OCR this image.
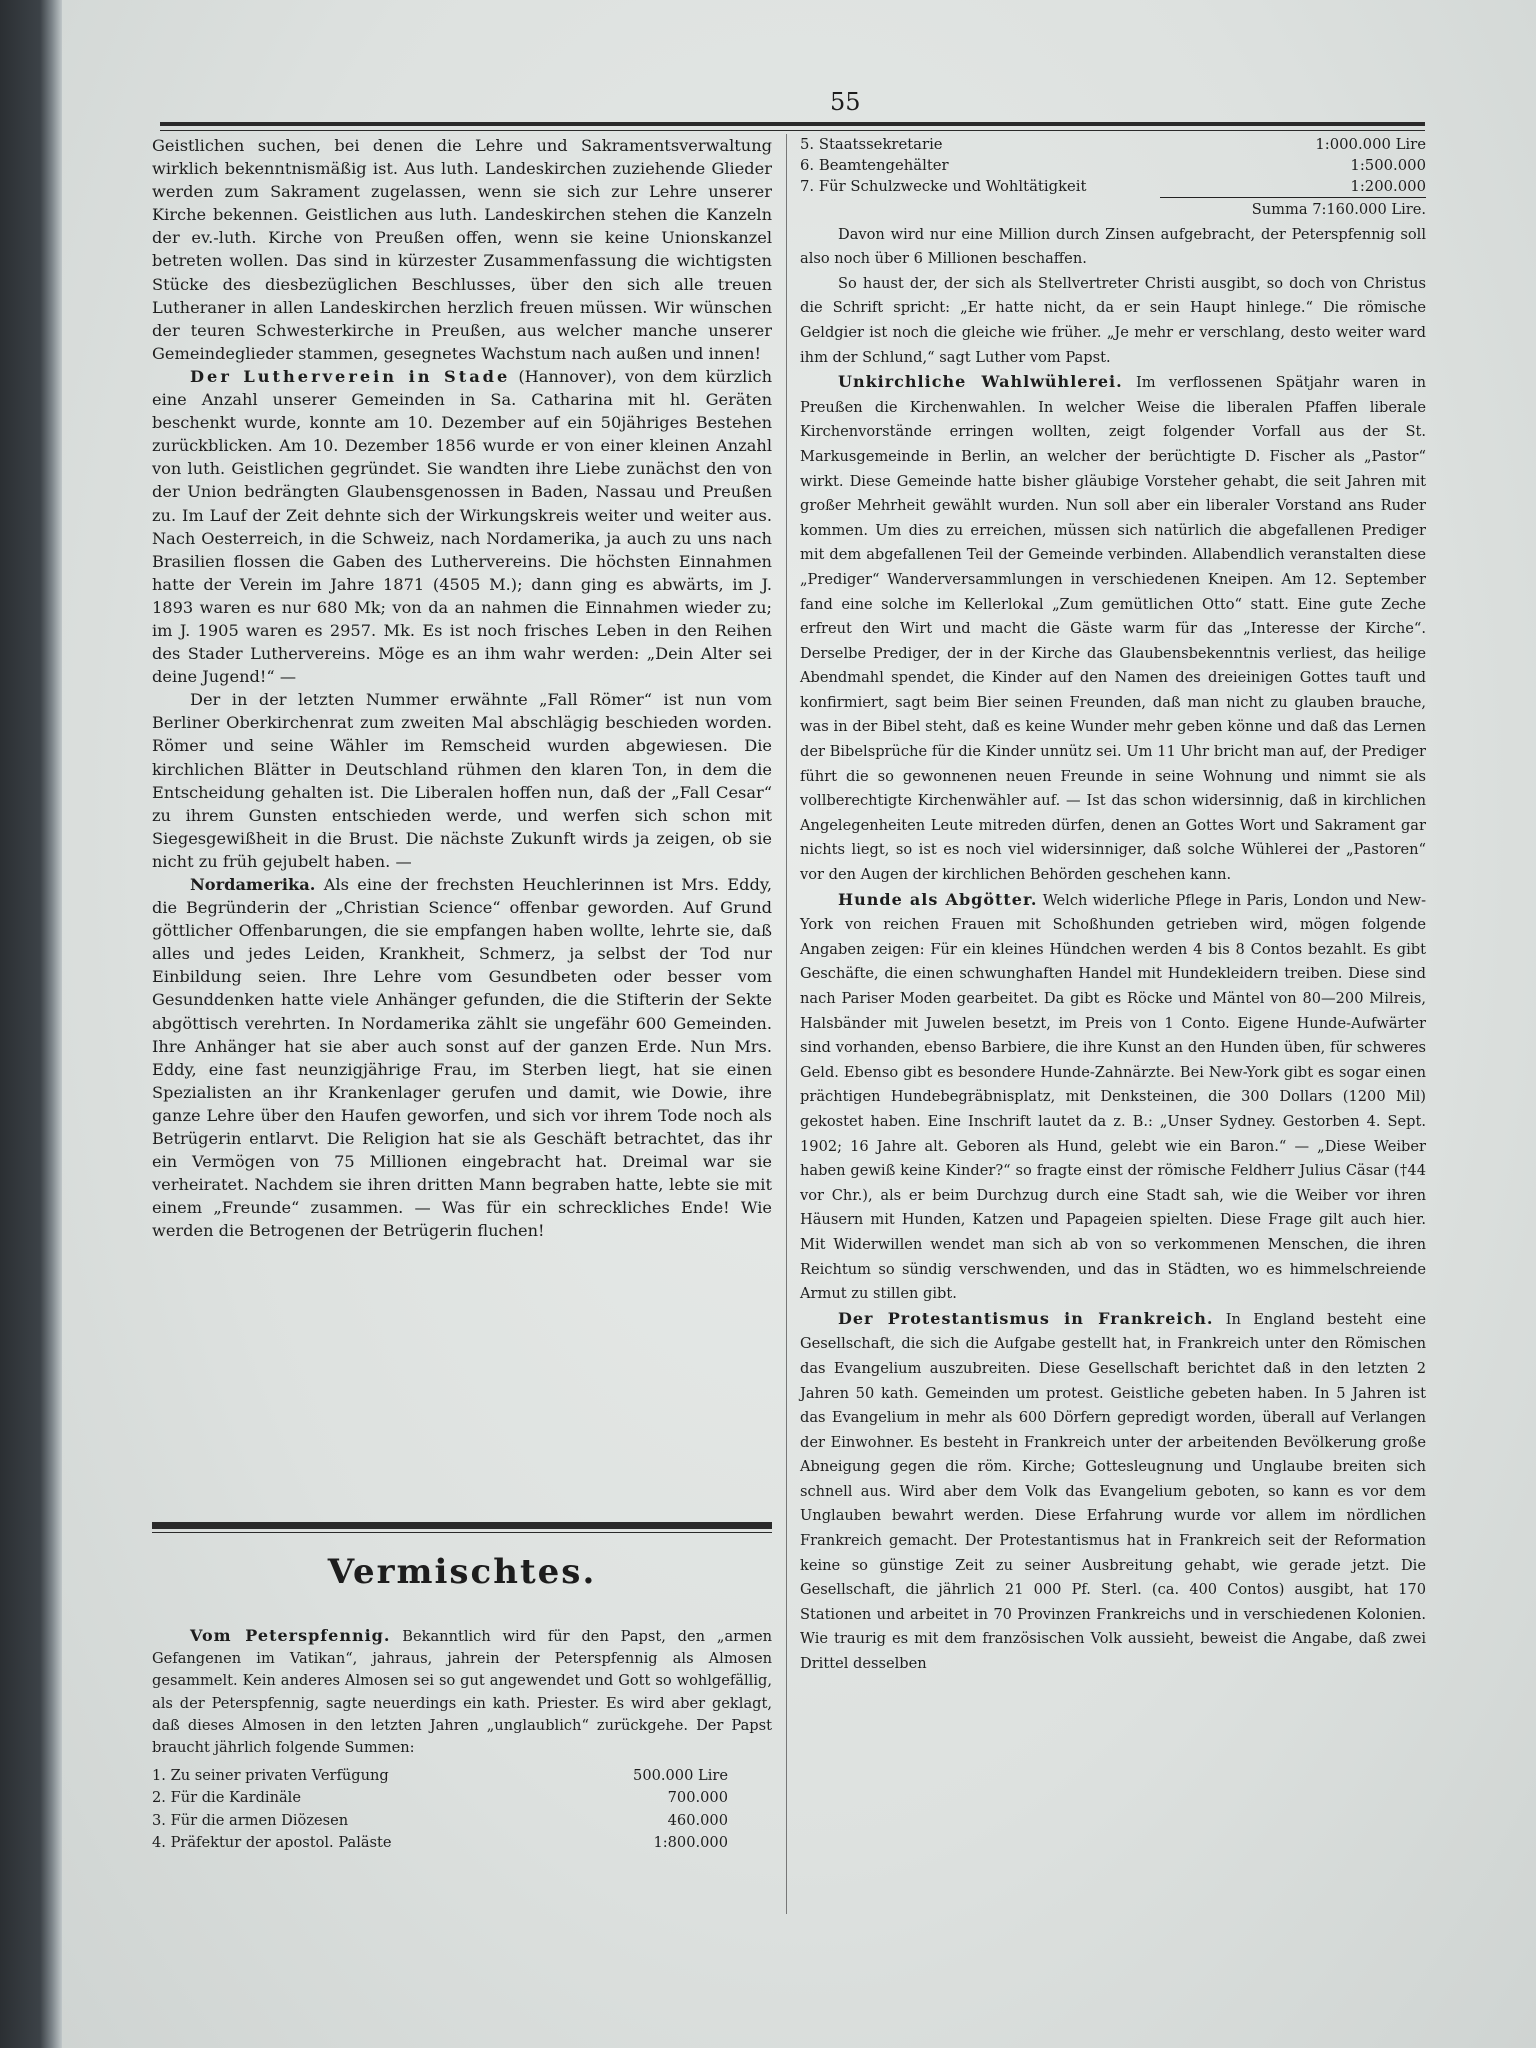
55

Geistlichen suchen, bei denen die Lehre und Sakramentsverwaltung wirklich bekenntnismäßig ist. Aus luth. Landeskirchen zuziehende Glieder werden zum Sakrament zugelassen, wenn sie sich zur Lehre unserer Kirche bekennen. Geistlichen aus luth. Landeskirchen stehen die Kanzeln der ev.-luth. Kirche von Preußen offen, wenn sie keine Unionskanzel betreten wollen. Das sind in kürzester Zusammenfassung die wichtigsten Stücke des diesbezüglichen Beschlusses, über den sich alle treuen Lutheraner in allen Landeskirchen herzlich freuen müssen. Wir wünschen der teuren Schwesterkirche in Preußen, aus welcher manche unserer Gemeindeglieder stammen, gesegnetes Wachstum nach außen und innen!

Der Lutherverein in Stade (Hannover), von dem kürzlich eine Anzahl unserer Gemeinden in Sa. Catharina mit hl. Geräten beschenkt wurde, konnte am 10. Dezember auf ein 50jähriges Bestehen zurückblicken. Am 10. Dezember 1856 wurde er von einer kleinen Anzahl von luth. Geistlichen gegründet. Sie wandten ihre Liebe zunächst den von der Union bedrängten Glaubensgenossen in Baden, Nassau und Preußen zu. Im Lauf der Zeit dehnte sich der Wirkungskreis weiter und weiter aus. Nach Oesterreich, in die Schweiz, nach Nordamerika, ja auch zu uns nach Brasilien flossen die Gaben des Luthervereins. Die höchsten Einnahmen hatte der Verein im Jahre 1871 (4505 M.); dann ging es abwärts, im J. 1893 waren es nur 680 Mk; von da an nahmen die Einnahmen wieder zu; im J. 1905 waren es 2957. Mk. Es ist noch frisches Leben in den Reihen des Stader Luthervereins. Möge es an ihm wahr werden: „Dein Alter sei deine Jugend!“ —

Der in der letzten Nummer erwähnte „Fall Römer“ ist nun vom Berliner Oberkirchenrat zum zweiten Mal abschlägig beschieden worden. Römer und seine Wähler im Remscheid wurden abgewiesen. Die kirchlichen Blätter in Deutschland rühmen den klaren Ton, in dem die Entscheidung gehalten ist. Die Liberalen hoffen nun, daß der „Fall Cesar“ zu ihrem Gunsten entschieden werde, und werfen sich schon mit Siegesgewißheit in die Brust. Die nächste Zukunft wirds ja zeigen, ob sie nicht zu früh gejubelt haben. —

Nordamerika. Als eine der frechsten Heuchlerinnen ist Mrs. Eddy, die Begründerin der „Christian Science“ offenbar geworden. Auf Grund göttlicher Offenbarungen, die sie empfangen haben wollte, lehrte sie, daß alles und jedes Leiden, Krankheit, Schmerz, ja selbst der Tod nur Einbildung seien. Ihre Lehre vom Gesundbeten oder besser vom Gesunddenken hatte viele Anhänger gefunden, die die Stifterin der Sekte abgöttisch verehrten. In Nordamerika zählt sie ungefähr 600 Gemeinden. Ihre Anhänger hat sie aber auch sonst auf der ganzen Erde. Nun Mrs. Eddy, eine fast neunzigjährige Frau, im Sterben liegt, hat sie einen Spezialisten an ihr Krankenlager gerufen und damit, wie Dowie, ihre ganze Lehre über den Haufen geworfen, und sich vor ihrem Tode noch als Betrügerin entlarvt. Die Religion hat sie als Geschäft betrachtet, das ihr ein Vermögen von 75 Millionen eingebracht hat. Dreimal war sie verheiratet. Nachdem sie ihren dritten Mann begraben hatte, lebte sie mit einem „Freunde“ zusammen. — Was für ein schreckliches Ende! Wie werden die Betrogenen der Betrügerin fluchen!

Vermischtes.

Vom Peterspfennig. Bekanntlich wird für den Papst, den „armen Gefangenen im Vatikan“, jahraus, jahrein der Peterspfennig als Almosen gesammelt. Kein anderes Almosen sei so gut angewendet und Gott so wohlgefällig, als der Peterspfennig, sagte neuerdings ein kath. Priester. Es wird aber geklagt, daß dieses Almosen in den letzten Jahren „unglaublich“ zurückgehe. Der Papst braucht jährlich folgende Summen:

1. Zu seiner privaten Verfügung	500.000 Lire
2. Für die Kardinäle	700.000
3. Für die armen Diözesen	460.000
4. Präfektur der apostol. Paläste	1:800.000
5. Staatssekretarie	1:000.000 Lire
6. Beamtengehälter	1:500.000
7. Für Schulzwecke und Wohltätigkeit	1:200.000
Summa 7:160.000 Lire.

Davon wird nur eine Million durch Zinsen aufgebracht, der Peterspfennig soll also noch über 6 Millionen beschaffen.

So haust der, der sich als Stellvertreter Christi ausgibt, so doch von Christus die Schrift spricht: „Er hatte nicht, da er sein Haupt hinlege.“ Die römische Geldgier ist noch die gleiche wie früher. „Je mehr er verschlang, desto weiter ward ihm der Schlund,“ sagt Luther vom Papst.

Unkirchliche Wahlwühlerei. Im verflossenen Spätjahr waren in Preußen die Kirchenwahlen. In welcher Weise die liberalen Pfaffen liberale Kirchenvorstände erringen wollten, zeigt folgender Vorfall aus der St. Markusgemeinde in Berlin, an welcher der berüchtigte D. Fischer als „Pastor“ wirkt. Diese Gemeinde hatte bisher gläubige Vorsteher gehabt, die seit Jahren mit großer Mehrheit gewählt wurden. Nun soll aber ein liberaler Vorstand ans Ruder kommen. Um dies zu erreichen, müssen sich natürlich die abgefallenen Prediger mit dem abgefallenen Teil der Gemeinde verbinden. Allabendlich veranstalten diese „Prediger“ Wanderversammlungen in verschiedenen Kneipen. Am 12. September fand eine solche im Kellerlokal „Zum gemütlichen Otto“ statt. Eine gute Zeche erfreut den Wirt und macht die Gäste warm für das „Interesse der Kirche“. Derselbe Prediger, der in der Kirche das Glaubensbekenntnis verliest, das heilige Abendmahl spendet, die Kinder auf den Namen des dreieinigen Gottes tauft und konfirmiert, sagt beim Bier seinen Freunden, daß man nicht zu glauben brauche, was in der Bibel steht, daß es keine Wunder mehr geben könne und daß das Lernen der Bibelsprüche für die Kinder unnütz sei. Um 11 Uhr bricht man auf, der Prediger führt die so gewonnenen neuen Freunde in seine Wohnung und nimmt sie als vollberechtigte Kirchenwähler auf. — Ist das schon widersinnig, daß in kirchlichen Angelegenheiten Leute mitreden dürfen, denen an Gottes Wort und Sakrament gar nichts liegt, so ist es noch viel widersinniger, daß solche Wühlerei der „Pastoren“ vor den Augen der kirchlichen Behörden geschehen kann.

Hunde als Abgötter. Welch widerliche Pflege in Paris, London und New-York von reichen Frauen mit Schoßhunden getrieben wird, mögen folgende Angaben zeigen: Für ein kleines Hündchen werden 4 bis 8 Contos bezahlt. Es gibt Geschäfte, die einen schwunghaften Handel mit Hundekleidern treiben. Diese sind nach Pariser Moden gearbeitet. Da gibt es Röcke und Mäntel von 80—200 Milreis, Halsbänder mit Juwelen besetzt, im Preis von 1 Conto. Eigene Hunde-Aufwärter sind vorhanden, ebenso Barbiere, die ihre Kunst an den Hunden üben, für schweres Geld. Ebenso gibt es besondere Hunde-Zahnärzte. Bei New-York gibt es sogar einen prächtigen Hundebegräbnisplatz, mit Denksteinen, die 300 Dollars (1200 Mil) gekostet haben. Eine Inschrift lautet da z. B.: „Unser Sydney. Gestorben 4. Sept. 1902; 16 Jahre alt. Geboren als Hund, gelebt wie ein Baron.“ — „Diese Weiber haben gewiß keine Kinder?“ so fragte einst der römische Feldherr Julius Cäsar (†44 vor Chr.), als er beim Durchzug durch eine Stadt sah, wie die Weiber vor ihren Häusern mit Hunden, Katzen und Papageien spielten. Diese Frage gilt auch hier. Mit Widerwillen wendet man sich ab von so verkommenen Menschen, die ihren Reichtum so sündig verschwenden, und das in Städten, wo es himmelschreiende Armut zu stillen gibt.

Der Protestantismus in Frankreich. In England besteht eine Gesellschaft, die sich die Aufgabe gestellt hat, in Frankreich unter den Römischen das Evangelium auszubreiten. Diese Gesellschaft berichtet daß in den letzten 2 Jahren 50 kath. Gemeinden um protest. Geistliche gebeten haben. In 5 Jahren ist das Evangelium in mehr als 600 Dörfern gepredigt worden, überall auf Verlangen der Einwohner. Es besteht in Frankreich unter der arbeitenden Bevölkerung große Abneigung gegen die röm. Kirche; Gottesleugnung und Unglaube breiten sich schnell aus. Wird aber dem Volk das Evangelium geboten, so kann es vor dem Unglauben bewahrt werden. Diese Erfahrung wurde vor allem im nördlichen Frankreich gemacht. Der Protestantismus hat in Frankreich seit der Reformation keine so günstige Zeit zu seiner Ausbreitung gehabt, wie gerade jetzt. Die Gesellschaft, die jährlich 21 000 Pf. Sterl. (ca. 400 Contos) ausgibt, hat 170 Stationen und arbeitet in 70 Provinzen Frankreichs und in verschiedenen Kolonien. Wie traurig es mit dem französischen Volk aussieht, beweist die Angabe, daß zwei Drittel desselben
